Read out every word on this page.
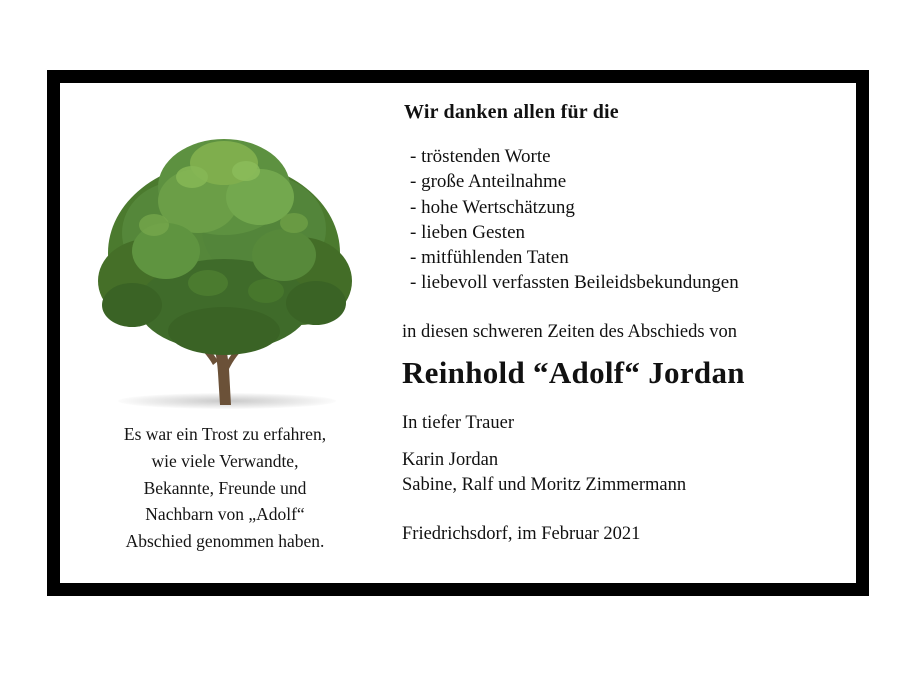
Es war ein Trost zu erfahren,
wie viele Verwandte,
Bekannte, Freunde und
Nachbarn von „Adolf“
Abschied genommen haben.

Wir danken allen für die

- tröstenden Worte
- große Anteilnahme
- hohe Wertschätzung
- lieben Gesten
- mitfühlenden Taten
- liebevoll verfassten Beileidsbekundungen

in diesen schweren Zeiten des Abschieds von

Reinhold “Adolf“ Jordan

In tiefer Trauer

Karin Jordan
Sabine, Ralf und Moritz Zimmermann

Friedrichsdorf, im Februar 2021
